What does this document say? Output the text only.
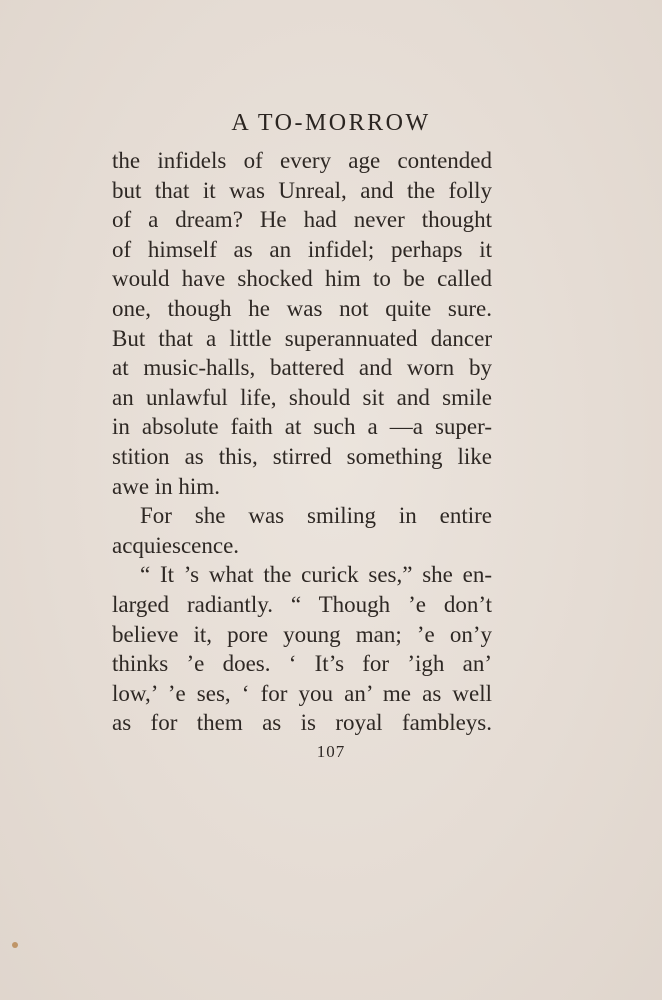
A TO-MORROW
the infidels of every age contended
but that it was Unreal, and the folly
of a dream? He had never thought
of himself as an infidel; perhaps it
would have shocked him to be called
one, though he was not quite sure.
But that a little superannuated dancer
at music-halls, battered and worn by
an unlawful life, should sit and smile
in absolute faith at such a —a super-
stition as this, stirred something like
awe in him.
For she was smiling in entire
acquiescence.
“ It ’s what the curick ses,” she en-
larged radiantly. “ Though ’e don’t
believe it, pore young man; ’e on’y
thinks ’e does. ‘ It’s for ’igh an’
low,’ ’e ses, ‘ for you an’ me as well
as for them as is royal fambleys.
107
